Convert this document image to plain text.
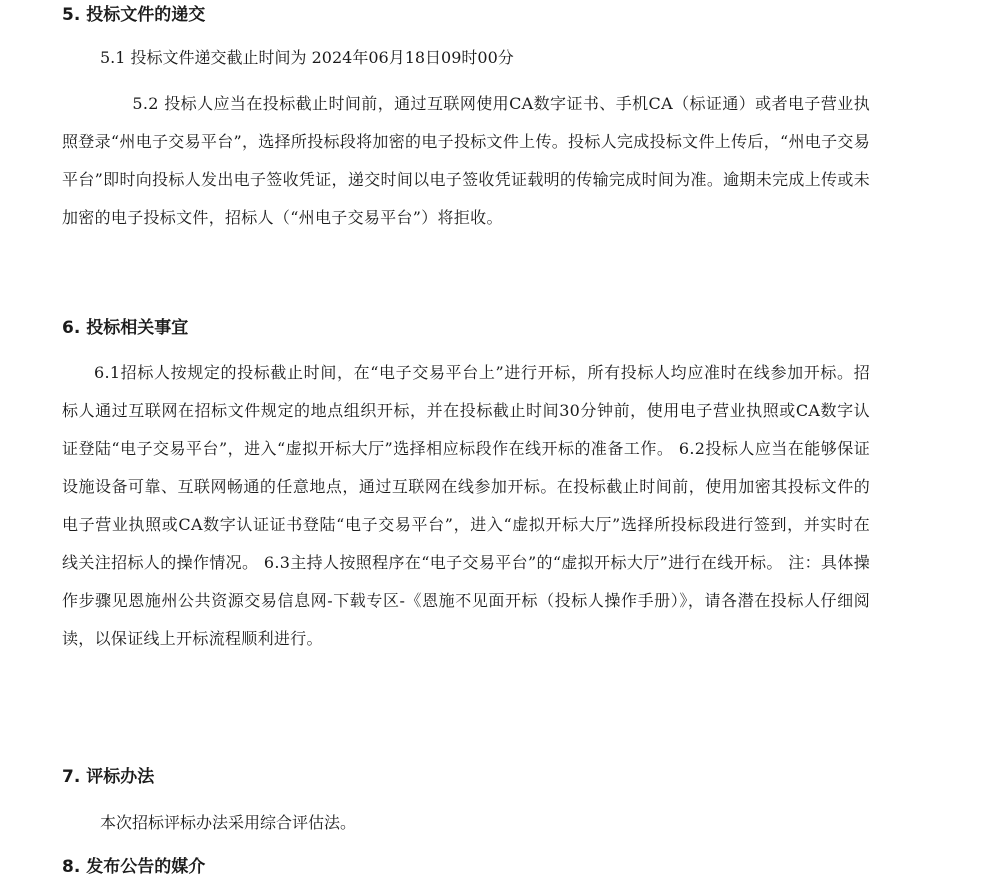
5. 投标文件的递交

5.1 投标文件递交截止时间为 2024年06月18日09时00分

5.2 投标人应当在投标截止时间前，通过互联网使用CA数字证书、手机CA（标证通）或者电子营业执照登录“州电子交易平台”，选择所投标段将加密的电子投标文件上传。投标人完成投标文件上传后，“州电子交易平台”即时向投标人发出电子签收凭证，递交时间以电子签收凭证载明的传输完成时间为准。逾期未完成上传或未加密的电子投标文件，招标人（“州电子交易平台”）将拒收。

6. 投标相关事宜

6.1招标人按规定的投标截止时间，在“电子交易平台上”进行开标，所有投标人均应准时在线参加开标。招标人通过互联网在招标文件规定的地点组织开标，并在投标截止时间30分钟前，使用电子营业执照或CA数字认证登陆“电子交易平台”，进入“虚拟开标大厅”选择相应标段作在线开标的准备工作。 6.2投标人应当在能够保证设施设备可靠、互联网畅通的任意地点，通过互联网在线参加开标。在投标截止时间前，使用加密其投标文件的电子营业执照或CA数字认证证书登陆“电子交易平台”，进入“虚拟开标大厅”选择所投标段进行签到，并实时在线关注招标人的操作情况。 6.3主持人按照程序在“电子交易平台”的“虚拟开标大厅”进行在线开标。 注：具体操作步骤见恩施州公共资源交易信息网-下载专区-《恩施不见面开标（投标人操作手册）》，请各潜在投标人仔细阅读，以保证线上开标流程顺利进行。

7. 评标办法

本次招标评标办法采用综合评估法。

8. 发布公告的媒介
